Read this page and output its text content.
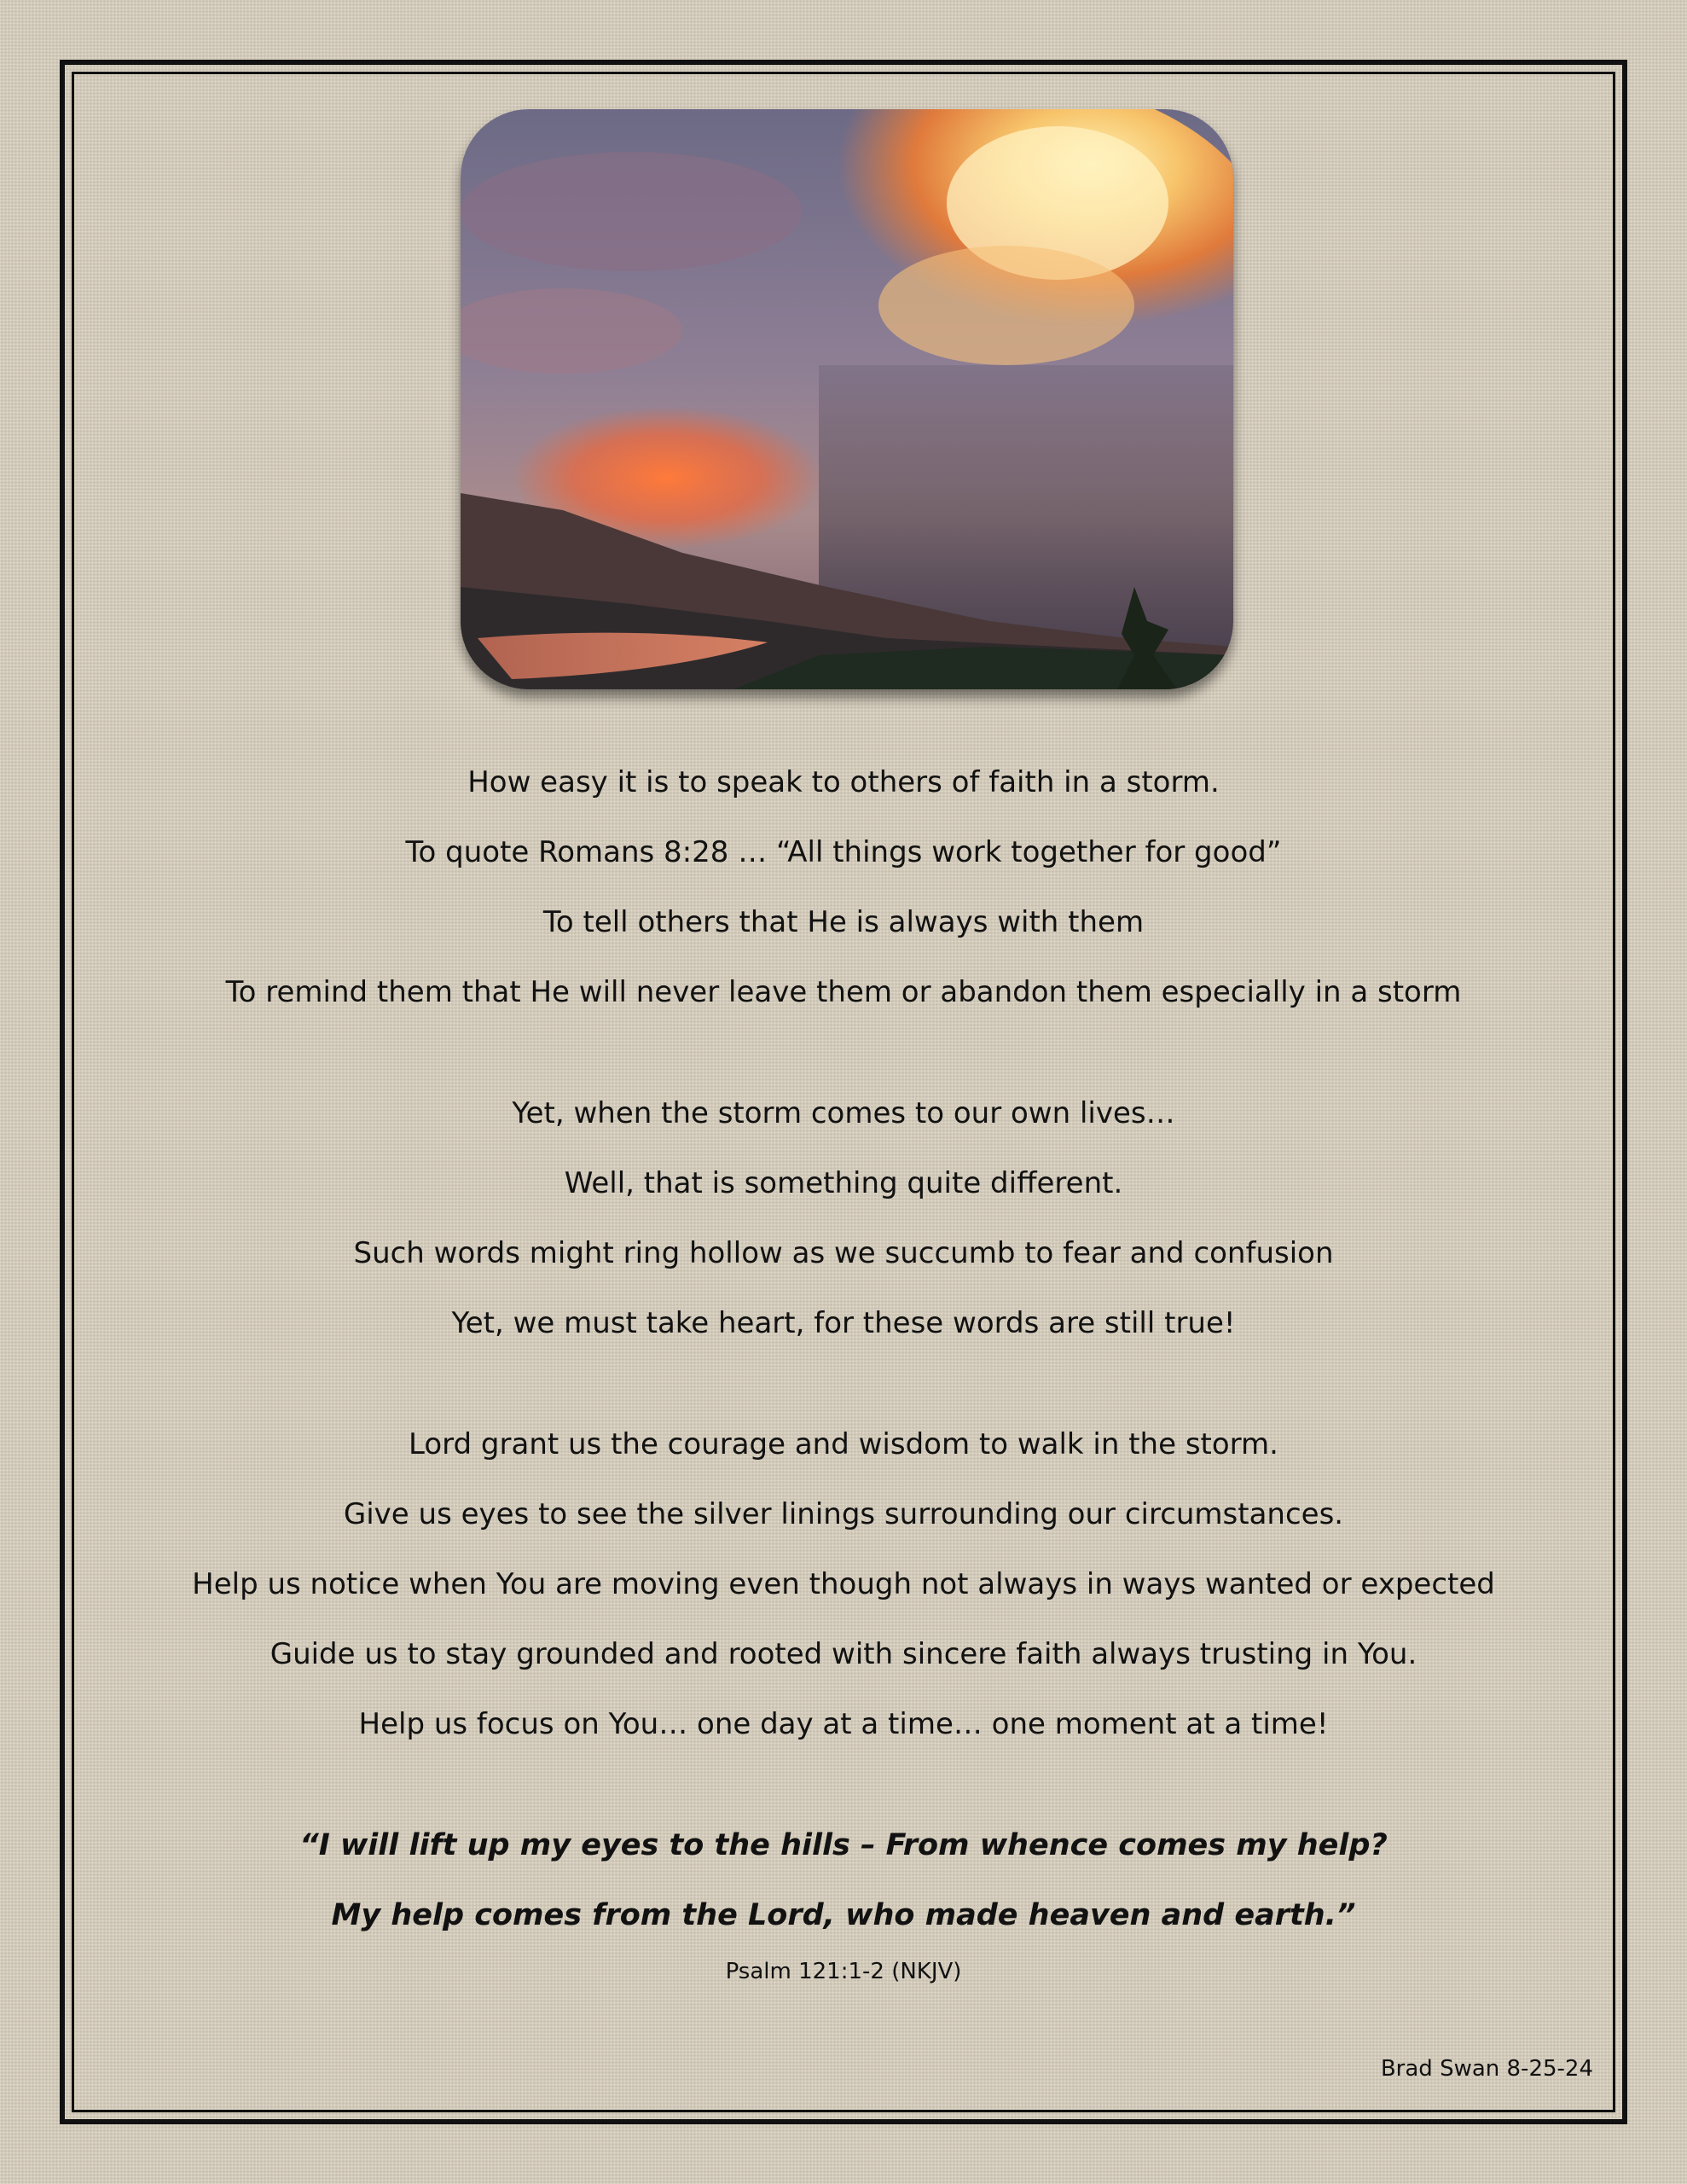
How easy it is to speak to others of faith in a storm.
To quote Romans 8:28 … “All things work together for good”
To tell others that He is always with them
To remind them that He will never leave them or abandon them especially in a storm
Yet, when the storm comes to our own lives…
Well, that is something quite different.
Such words might ring hollow as we succumb to fear and confusion
Yet, we must take heart, for these words are still true!
Lord grant us the courage and wisdom to walk in the storm.
Give us eyes to see the silver linings surrounding our circumstances.
Help us notice when You are moving even though not always in ways wanted or expected
Guide us to stay grounded and rooted with sincere faith always trusting in You.
Help us focus on You… one day at a time… one moment at a time!
“I will lift up my eyes to the hills – From whence comes my help?
My help comes from the Lord, who made heaven and earth.”
Psalm 121:1-2 (NKJV)
Brad Swan 8-25-24
